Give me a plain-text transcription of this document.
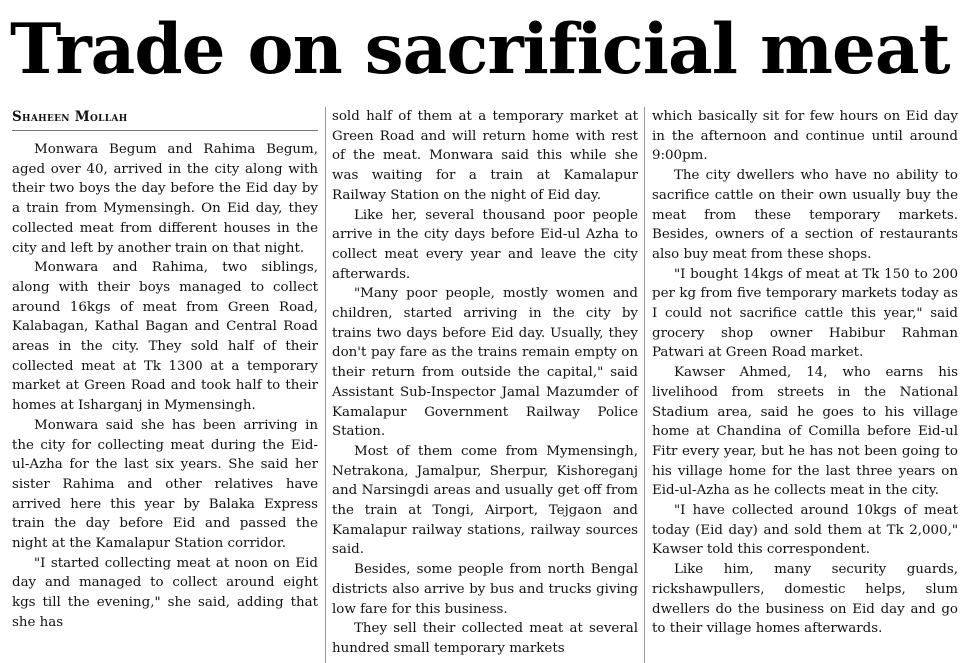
Trade on sacrificial meat
Shaheen Mollah

Monwara Begum and Rahima Begum, aged over 40, arrived in the city along with their two boys the day before the Eid day by a train from Mymensingh. On Eid day, they collected meat from different houses in the city and left by another train on that night.

Monwara and Rahima, two siblings, along with their boys managed to collect around 16kgs of meat from Green Road, Kalabagan, Kathal Bagan and Central Road areas in the city. They sold half of their collected meat at Tk 1300 at a temporary market at Green Road and took half to their homes at Isharganj in Mymensingh.

Monwara said she has been arriving in the city for collecting meat during the Eid-ul-Azha for the last six years. She said her sister Rahima and other relatives have arrived here this year by Balaka Express train the day before Eid and passed the night at the Kamalapur Station corridor.

"I started collecting meat at noon on Eid day and managed to collect around eight kgs till the evening," she said, adding that she has

sold half of them at a temporary market at Green Road and will return home with rest of the meat. Monwara said this while she was waiting for a train at Kamalapur Railway Station on the night of Eid day.

Like her, several thousand poor people arrive in the city days before Eid-ul Azha to collect meat every year and leave the city afterwards.

"Many poor people, mostly women and children, started arriving in the city by trains two days before Eid day. Usually, they don't pay fare as the trains remain empty on their return from outside the capital," said Assistant Sub-Inspector Jamal Mazumder of Kamalapur Government Railway Police Station.

Most of them come from Mymensingh, Netrakona, Jamalpur, Sherpur, Kishoreganj and Narsingdi areas and usually get off from the train at Tongi, Airport, Tejgaon and Kamalapur railway stations, railway sources said.

Besides, some people from north Bengal districts also arrive by bus and trucks giving low fare for this business.

They sell their collected meat at several hundred small temporary markets

which basically sit for few hours on Eid day in the afternoon and continue until around 9:00pm.

The city dwellers who have no ability to sacrifice cattle on their own usually buy the meat from these temporary markets. Besides, owners of a section of restaurants also buy meat from these shops.

"I bought 14kgs of meat at Tk 150 to 200 per kg from five temporary markets today as I could not sacrifice cattle this year," said grocery shop owner Habibur Rahman Patwari at Green Road market.

Kawser Ahmed, 14, who earns his livelihood from streets in the National Stadium area, said he goes to his village home at Chandina of Comilla before Eid-ul Fitr every year, but he has not been going to his village home for the last three years on Eid-ul-Azha as he collects meat in the city.

"I have collected around 10kgs of meat today (Eid day) and sold them at Tk 2,000," Kawser told this correspondent.

Like him, many security guards, rickshawpullers, domestic helps, slum dwellers do the business on Eid day and go to their village homes afterwards.
